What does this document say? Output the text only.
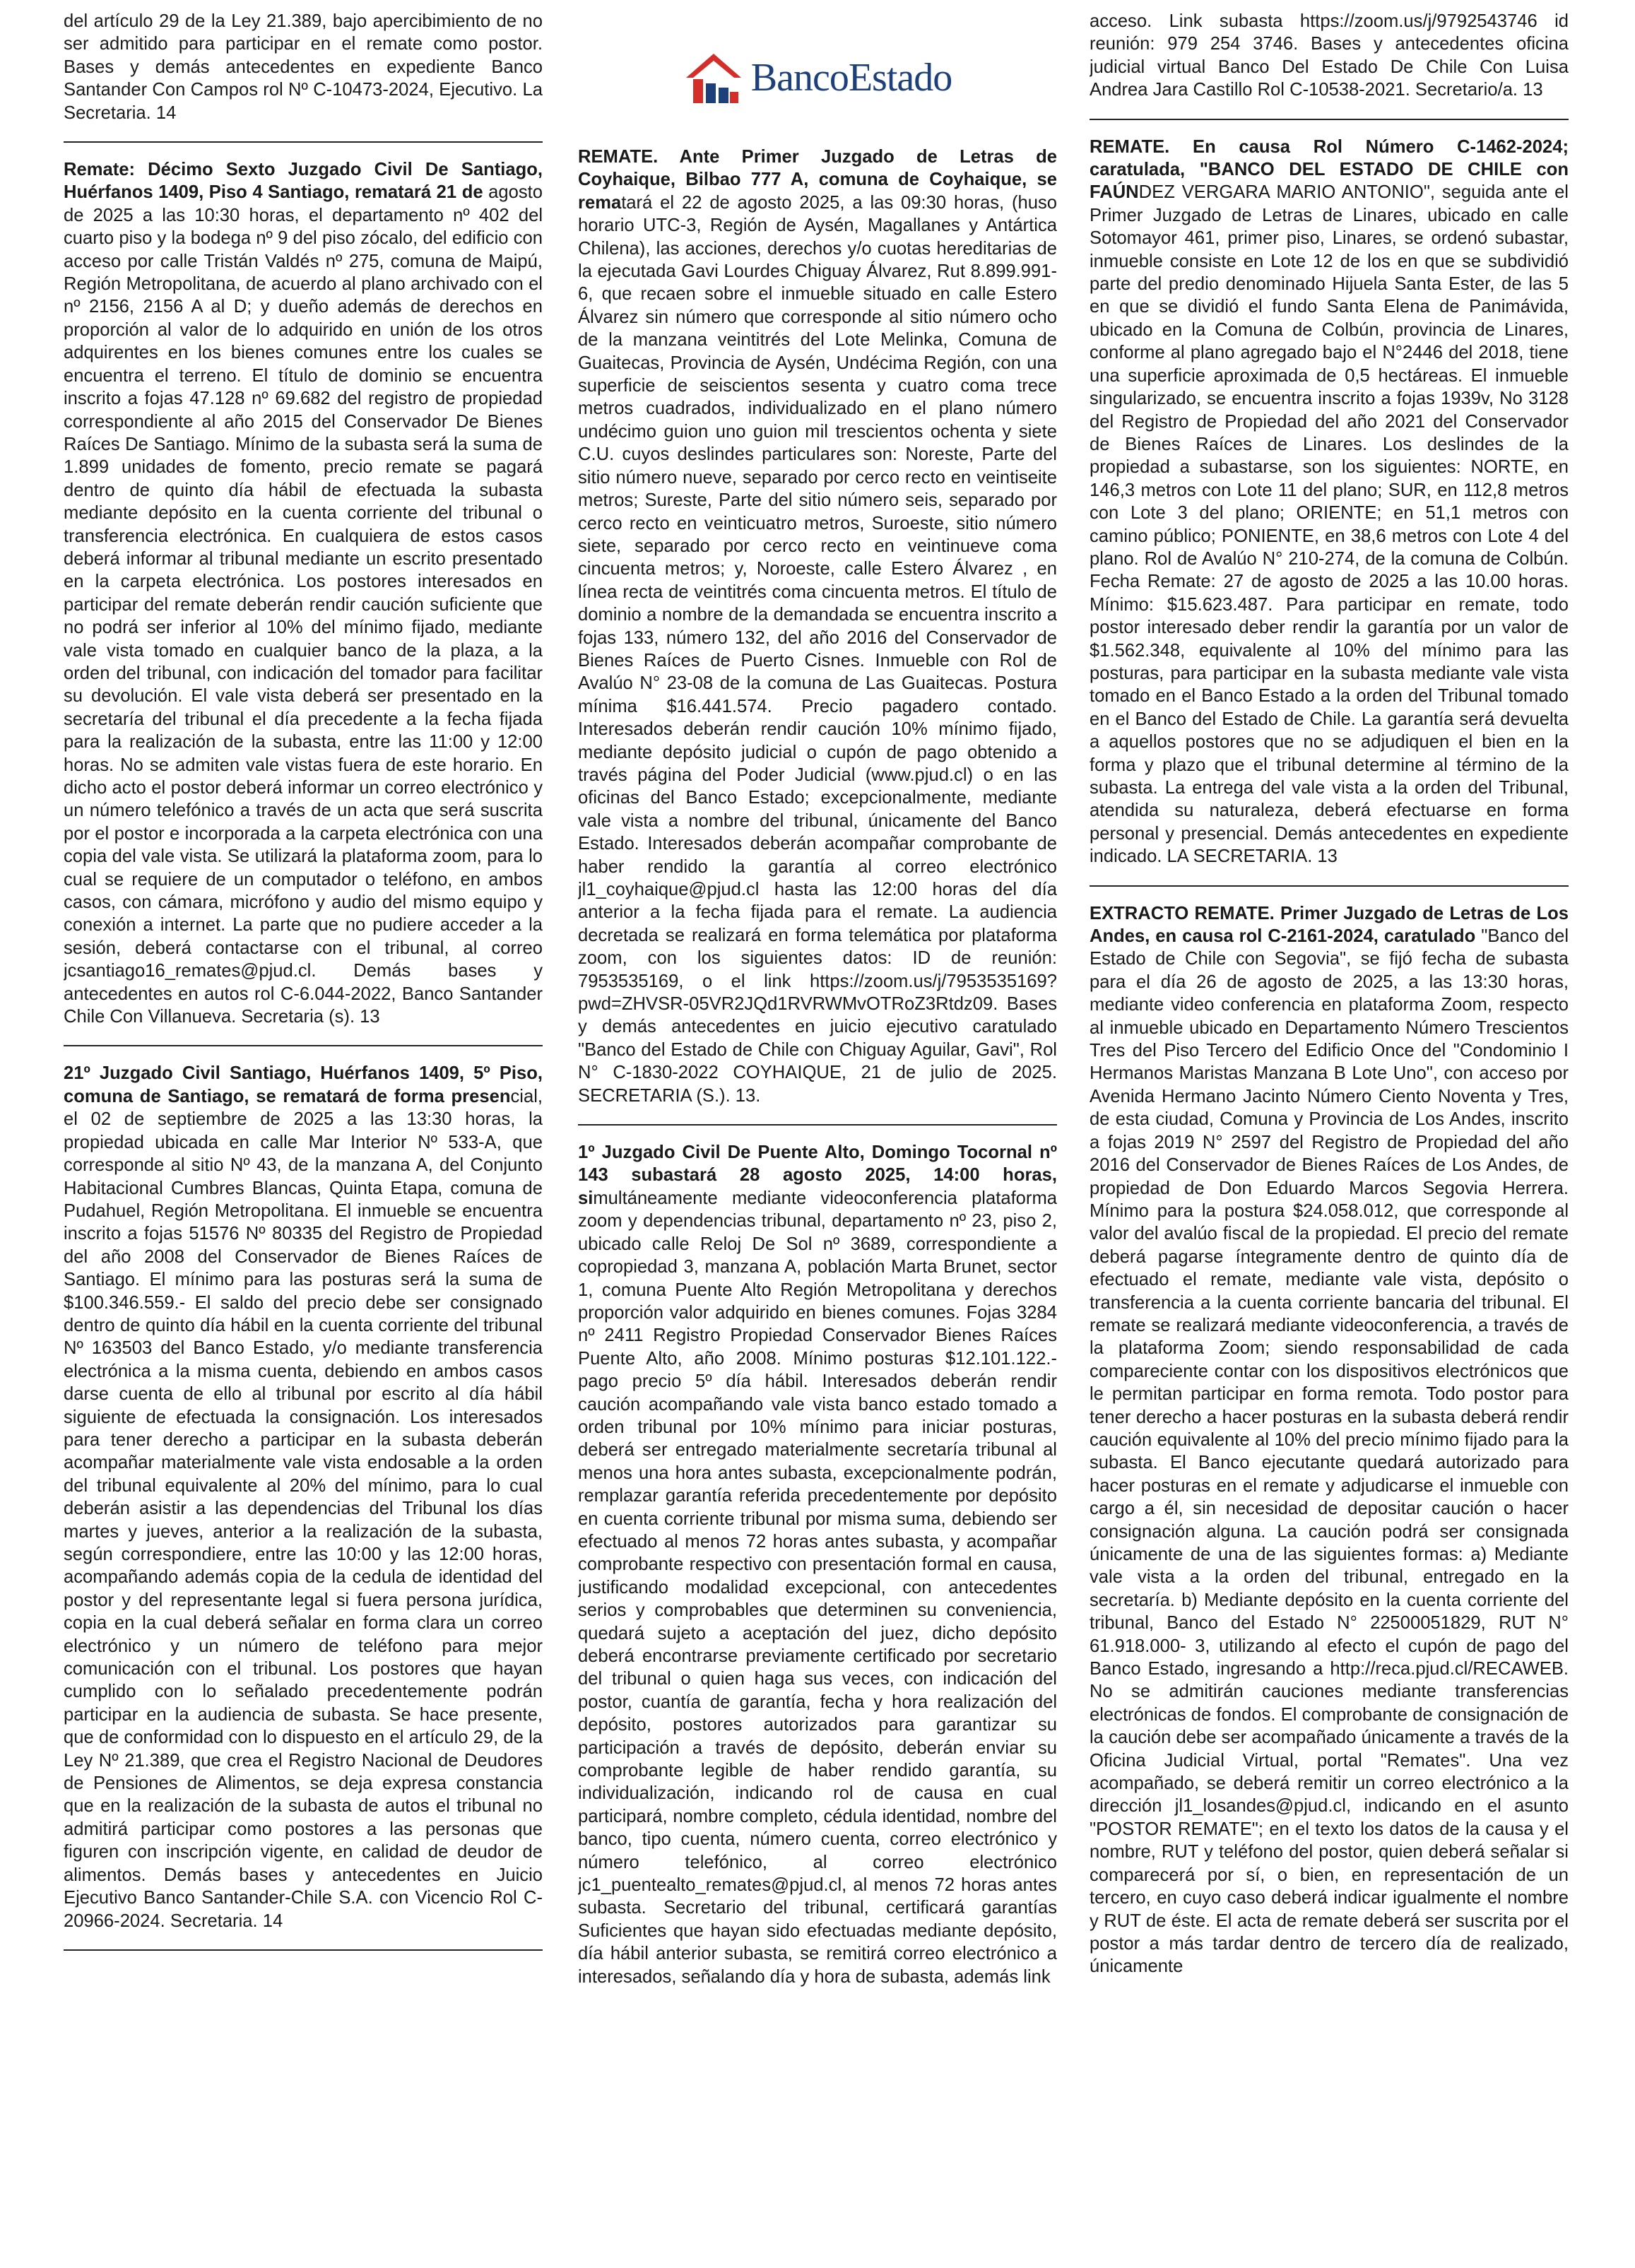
del artículo 29 de la Ley 21.389, bajo apercibimiento de no ser admitido para participar en el remate como postor. Bases y demás antecedentes en expediente Banco Santander Con Campos rol Nº C-10473-2024, Ejecutivo. La Secretaria. 14

Remate: Décimo Sexto Juzgado Civil De Santiago, Huérfanos 1409, Piso 4 Santiago, rematará 21 de agosto de 2025 a las 10:30 horas, el departamento nº 402 del cuarto piso y la bodega nº 9 del piso zócalo, del edificio con acceso por calle Tristán Valdés nº 275, comuna de Maipú, Región Metropolitana, de acuerdo al plano archivado con el nº 2156, 2156 A al D; y dueño además de derechos en proporción al valor de lo adquirido en unión de los otros adquirentes en los bienes comunes entre los cuales se encuentra el terreno. El título de dominio se encuentra inscrito a fojas 47.128 nº 69.682 del registro de propiedad correspondiente al año 2015 del Conservador De Bienes Raíces De Santiago. Mínimo de la subasta será la suma de 1.899 unidades de fomento, precio remate se pagará dentro de quinto día hábil de efectuada la subasta mediante depósito en la cuenta corriente del tribunal o transferencia electrónica. En cualquiera de estos casos deberá informar al tribunal mediante un escrito presentado en la carpeta electrónica. Los postores interesados en participar del remate deberán rendir caución suficiente que no podrá ser inferior al 10% del mínimo fijado, mediante vale vista tomado en cualquier banco de la plaza, a la orden del tribunal, con indicación del tomador para facilitar su devolución. El vale vista deberá ser presentado en la secretaría del tribunal el día precedente a la fecha fijada para la realización de la subasta, entre las 11:00 y 12:00 horas. No se admiten vale vistas fuera de este horario. En dicho acto el postor deberá informar un correo electrónico y un número telefónico a través de un acta que será suscrita por el postor e incorporada a la carpeta electrónica con una copia del vale vista. Se utilizará la plataforma zoom, para lo cual se requiere de un computador o teléfono, en ambos casos, con cámara, micrófono y audio del mismo equipo y conexión a internet. La parte que no pudiere acceder a la sesión, deberá contactarse con el tribunal, al correo jcsantiago16_remates@pjud.cl. Demás bases y antecedentes en autos rol C-6.044-2022, Banco Santander Chile Con Villanueva. Secretaria (s). 13

21º Juzgado Civil Santiago, Huérfanos 1409, 5º Piso, comuna de Santiago, se rematará de forma presencial, el 02 de septiembre de 2025 a las 13:30 horas, la propiedad ubicada en calle Mar Interior Nº 533-A, que corresponde al sitio Nº 43, de la manzana A, del Conjunto Habitacional Cumbres Blancas, Quinta Etapa, comuna de Pudahuel, Región Metropolitana. El inmueble se encuentra inscrito a fojas 51576 Nº 80335 del Registro de Propiedad del año 2008 del Conservador de Bienes Raíces de Santiago. El mínimo para las posturas será la suma de $100.346.559.- El saldo del precio debe ser consignado dentro de quinto día hábil en la cuenta corriente del tribunal Nº 163503 del Banco Estado, y/o mediante transferencia electrónica a la misma cuenta, debiendo en ambos casos darse cuenta de ello al tribunal por escrito al día hábil siguiente de efectuada la consignación. Los interesados para tener derecho a participar en la subasta deberán acompañar materialmente vale vista endosable a la orden del tribunal equivalente al 20% del mínimo, para lo cual deberán asistir a las dependencias del Tribunal los días martes y jueves, anterior a la realización de la subasta, según correspondiere, entre las 10:00 y las 12:00 horas, acompañando además copia de la cedula de identidad del postor y del representante legal si fuera persona jurídica, copia en la cual deberá señalar en forma clara un correo electrónico y un número de teléfono para mejor comunicación con el tribunal. Los postores que hayan cumplido con lo señalado precedentemente podrán participar en la audiencia de subasta. Se hace presente, que de conformidad con lo dispuesto en el artículo 29, de la Ley Nº 21.389, que crea el Registro Nacional de Deudores de Pensiones de Alimentos, se deja expresa constancia que en la realización de la subasta de autos el tribunal no admitirá participar como postores a las personas que figuren con inscripción vigente, en calidad de deudor de alimentos. Demás bases y antecedentes en Juicio Ejecutivo Banco Santander-Chile S.A. con Vicencio Rol C-20966-2024. Secretaria. 14

BancoEstado

REMATE. Ante Primer Juzgado de Letras de Coyhaique, Bilbao 777 A, comuna de Coyhaique, se rematará el 22 de agosto 2025, a las 09:30 horas, (huso horario UTC-3, Región de Aysén, Magallanes y Antártica Chilena), las acciones, derechos y/o cuotas hereditarias de la ejecutada Gavi Lourdes Chiguay Álvarez, Rut 8.899.991-6, que recaen sobre el inmueble situado en calle Estero Álvarez sin número que corresponde al sitio número ocho de la manzana veintitrés del Lote Melinka, Comuna de Guaitecas, Provincia de Aysén, Undécima Región, con una superficie de seiscientos sesenta y cuatro coma trece metros cuadrados, individualizado en el plano número undécimo guion uno guion mil trescientos ochenta y siete C.U. cuyos deslindes particulares son: Noreste, Parte del sitio número nueve, separado por cerco recto en veintiseite metros; Sureste, Parte del sitio número seis, separado por cerco recto en veinticuatro metros, Suroeste, sitio número siete, separado por cerco recto en veintinueve coma cincuenta metros; y, Noroeste, calle Estero Álvarez , en línea recta de veintitrés coma cincuenta metros. El título de dominio a nombre de la demandada se encuentra inscrito a fojas 133, número 132, del año 2016 del Conservador de Bienes Raíces de Puerto Cisnes. Inmueble con Rol de Avalúo N° 23-08 de la comuna de Las Guaitecas. Postura mínima $16.441.574. Precio pagadero contado. Interesados deberán rendir caución 10% mínimo fijado, mediante depósito judicial o cupón de pago obtenido a través página del Poder Judicial (www.pjud.cl) o en las oficinas del Banco Estado; excepcionalmente, mediante vale vista a nombre del tribunal, únicamente del Banco Estado. Interesados deberán acompañar comprobante de haber rendido la garantía al correo electrónico jl1_coyhaique@pjud.cl hasta las 12:00 horas del día anterior a la fecha fijada para el remate. La audiencia decretada se realizará en forma telemática por plataforma zoom, con los siguientes datos: ID de reunión: 7953535169, o el link https://zoom.us/j/7953535169?pwd=ZHVSR-05VR2JQd1RVRWMvOTRoZ3Rtdz09. Bases y demás antecedentes en juicio ejecutivo caratulado "Banco del Estado de Chile con Chiguay Aguilar, Gavi", Rol N° C-1830-2022 COYHAIQUE, 21 de julio de 2025. SECRETARIA (S.). 13.

1º Juzgado Civil De Puente Alto, Domingo Tocornal nº 143 subastará 28 agosto 2025, 14:00 horas, simultáneamente mediante videoconferencia plataforma zoom y dependencias tribunal, departamento nº 23, piso 2, ubicado calle Reloj De Sol nº 3689, correspondiente a copropiedad 3, manzana A, población Marta Brunet, sector 1, comuna Puente Alto Región Metropolitana y derechos proporción valor adquirido en bienes comunes. Fojas 3284 nº 2411 Registro Propiedad Conservador Bienes Raíces Puente Alto, año 2008. Mínimo posturas $12.101.122.- pago precio 5º día hábil. Interesados deberán rendir caución acompañando vale vista banco estado tomado a orden tribunal por 10% mínimo para iniciar posturas, deberá ser entregado materialmente secretaría tribunal al menos una hora antes subasta, excepcionalmente podrán, remplazar garantía referida precedentemente por depósito en cuenta corriente tribunal por misma suma, debiendo ser efectuado al menos 72 horas antes subasta, y acompañar comprobante respectivo con presentación formal en causa, justificando modalidad excepcional, con antecedentes serios y comprobables que determinen su conveniencia, quedará sujeto a aceptación del juez, dicho depósito deberá encontrarse previamente certificado por secretario del tribunal o quien haga sus veces, con indicación del postor, cuantía de garantía, fecha y hora realización del depósito, postores autorizados para garantizar su participación a través de depósito, deberán enviar su comprobante legible de haber rendido garantía, su individualización, indicando rol de causa en cual participará, nombre completo, cédula identidad, nombre del banco, tipo cuenta, número cuenta, correo electrónico y número telefónico, al correo electrónico jc1_puentealto_remates@pjud.cl, al menos 72 horas antes subasta. Secretario del tribunal, certificará garantías Suficientes que hayan sido efectuadas mediante depósito, día hábil anterior subasta, se remitirá correo electrónico a interesados, señalando día y hora de subasta, además link

acceso. Link subasta https://zoom.us/j/9792543746 id reunión: 979 254 3746. Bases y antecedentes oficina judicial virtual Banco Del Estado De Chile Con Luisa Andrea Jara Castillo Rol C-10538-2021. Secretario/a. 13

REMATE. En causa Rol Número C-1462-2024; caratulada, "BANCO DEL ESTADO DE CHILE con FAÚNDEZ VERGARA MARIO ANTONIO", seguida ante el Primer Juzgado de Letras de Linares, ubicado en calle Sotomayor 461, primer piso, Linares, se ordenó subastar, inmueble consiste en Lote 12 de los en que se subdividió parte del predio denominado Hijuela Santa Ester, de las 5 en que se dividió el fundo Santa Elena de Panimávida, ubicado en la Comuna de Colbún, provincia de Linares, conforme al plano agregado bajo el N°2446 del 2018, tiene una superficie aproximada de 0,5 hectáreas. El inmueble singularizado, se encuentra inscrito a fojas 1939v, No 3128 del Registro de Propiedad del año 2021 del Conservador de Bienes Raíces de Linares. Los deslindes de la propiedad a subastarse, son los siguientes: NORTE, en 146,3 metros con Lote 11 del plano; SUR, en 112,8 metros con Lote 3 del plano; ORIENTE; en 51,1 metros con camino público; PONIENTE, en 38,6 metros con Lote 4 del plano. Rol de Avalúo N° 210-274, de la comuna de Colbún. Fecha Remate: 27 de agosto de 2025 a las 10.00 horas. Mínimo: $15.623.487. Para participar en remate, todo postor interesado deber rendir la garantía por un valor de $1.562.348, equivalente al 10% del mínimo para las posturas, para participar en la subasta mediante vale vista tomado en el Banco Estado a la orden del Tribunal tomado en el Banco del Estado de Chile. La garantía será devuelta a aquellos postores que no se adjudiquen el bien en la forma y plazo que el tribunal determine al término de la subasta. La entrega del vale vista a la orden del Tribunal, atendida su naturaleza, deberá efectuarse en forma personal y presencial. Demás antecedentes en expediente indicado. LA SECRETARIA. 13

EXTRACTO REMATE. Primer Juzgado de Letras de Los Andes, en causa rol C-2161-2024, caratulado "Banco del Estado de Chile con Segovia", se fijó fecha de subasta para el día 26 de agosto de 2025, a las 13:30 horas, mediante video conferencia en plataforma Zoom, respecto al inmueble ubicado en Departamento Número Trescientos Tres del Piso Tercero del Edificio Once del "Condominio I Hermanos Maristas Manzana B Lote Uno", con acceso por Avenida Hermano Jacinto Número Ciento Noventa y Tres, de esta ciudad, Comuna y Provincia de Los Andes, inscrito a fojas 2019 N° 2597 del Registro de Propiedad del año 2016 del Conservador de Bienes Raíces de Los Andes, de propiedad de Don Eduardo Marcos Segovia Herrera. Mínimo para la postura $24.058.012, que corresponde al valor del avalúo fiscal de la propiedad. El precio del remate deberá pagarse íntegramente dentro de quinto día de efectuado el remate, mediante vale vista, depósito o transferencia a la cuenta corriente bancaria del tribunal. El remate se realizará mediante videoconferencia, a través de la plataforma Zoom; siendo responsabilidad de cada compareciente contar con los dispositivos electrónicos que le permitan participar en forma remota. Todo postor para tener derecho a hacer posturas en la subasta deberá rendir caución equivalente al 10% del precio mínimo fijado para la subasta. El Banco ejecutante quedará autorizado para hacer posturas en el remate y adjudicarse el inmueble con cargo a él, sin necesidad de depositar caución o hacer consignación alguna. La caución podrá ser consignada únicamente de una de las siguientes formas: a) Mediante vale vista a la orden del tribunal, entregado en la secretaría. b) Mediante depósito en la cuenta corriente del tribunal, Banco del Estado N° 22500051829, RUT N° 61.918.000- 3, utilizando al efecto el cupón de pago del Banco Estado, ingresando a http://reca.pjud.cl/RECAWEB. No se admitirán cauciones mediante transferencias electrónicas de fondos. El comprobante de consignación de la caución debe ser acompañado únicamente a través de la Oficina Judicial Virtual, portal "Remates". Una vez acompañado, se deberá remitir un correo electrónico a la dirección jl1_losandes@pjud.cl, indicando en el asunto "POSTOR REMATE"; en el texto los datos de la causa y el nombre, RUT y teléfono del postor, quien deberá señalar si comparecerá por sí, o bien, en representación de un tercero, en cuyo caso deberá indicar igualmente el nombre y RUT de éste. El acta de remate deberá ser suscrita por el postor a más tardar dentro de tercero día de realizado, únicamente
